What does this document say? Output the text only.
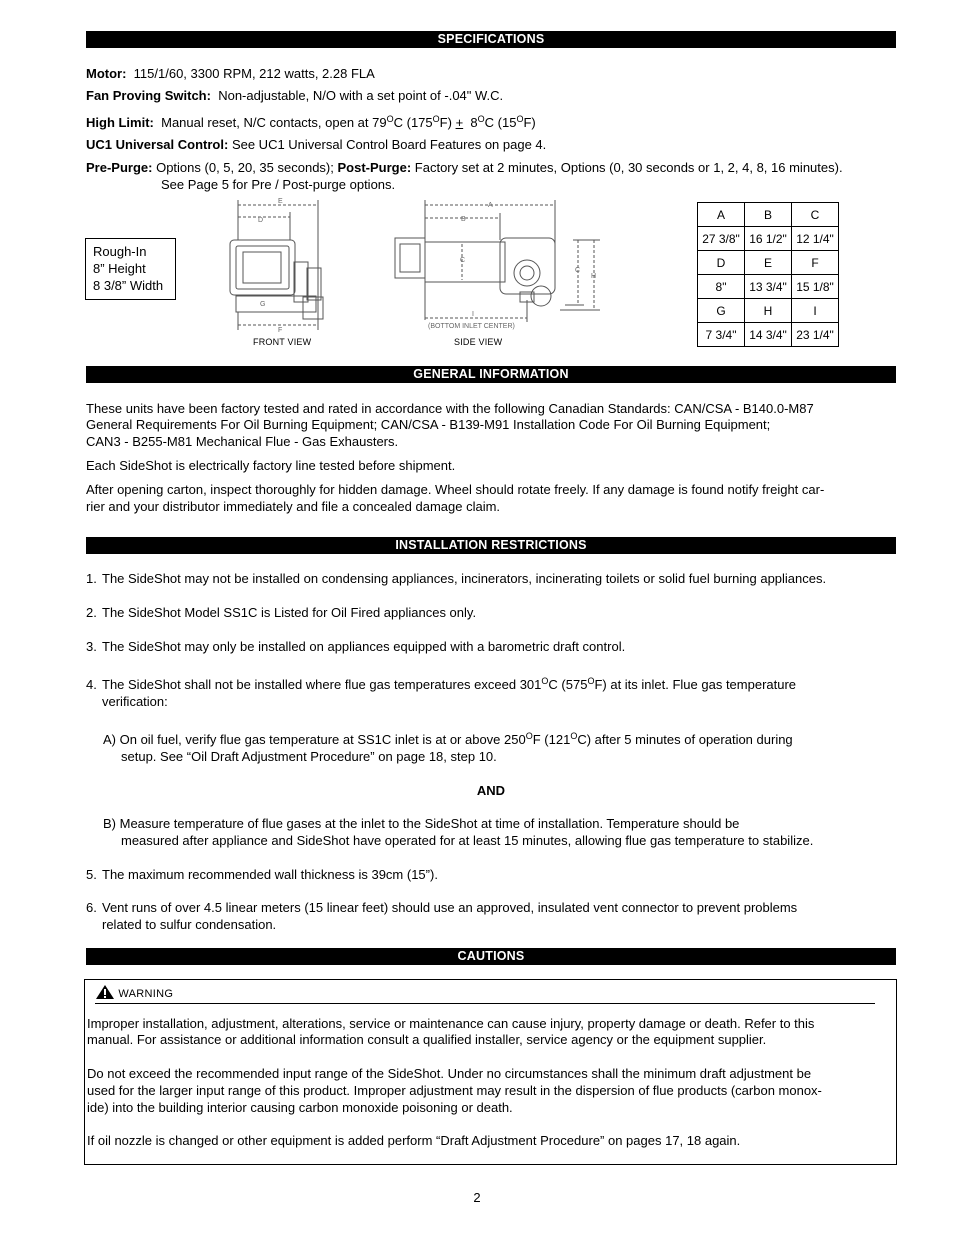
SPECIFICATIONS
Motor: 115/1/60, 3300 RPM, 212 watts, 2.28 FLA
Fan Proving Switch: Non-adjustable, N/O with a set point of -.04" W.C.
High Limit: Manual reset, N/C contacts, open at $79^OC$ $(175^OF) + 8^OC$ $(15^OF)$
UC1 Universal Control: See UC1 Universal Control Board Features on page 4.
Pre-Purge: Options (0, 5, 20, 35 seconds); Post-Purge: Factory set at 2 minutes, Options (0, 30 seconds or 1, 2, 4, 8, 16 minutes).
See Page 5 for Pre / Post-purge options.
Rough-In
8” Height
8 3/8” Width
E
D
G
F
A
B
C
C
H
I
(BOTTOM INLET CENTER)
FRONT VIEW	SIDE VIEW
A	B	C
27 3/8"	16 1/2"	12 1/4"
D	E	F
8"	13 3/4"	15 1/8"
G	H	I
7 3/4"	14 3/4"	23 1/4"
GENERAL INFORMATION
These units have been factory tested and rated in accordance with the following Canadian Standards: CAN/CSA - B140.0-M87
General Requirements For Oil Burning Equipment; CAN/CSA - B139-M91 Installation Code For Oil Burning Equipment;
CAN3 - B255-M81 Mechanical Flue - Gas Exhausters.
Each SideShot is electrically factory line tested before shipment.
After opening carton, inspect thoroughly for hidden damage. Wheel should rotate freely. If any damage is found notify freight car-
rier and your distributor immediately and file a concealed damage claim.
INSTALLATION RESTRICTIONS
1. The SideShot may not be installed on condensing appliances, incinerators, incinerating toilets or solid fuel burning appliances.
2. The SideShot Model SS1C is Listed for Oil Fired appliances only.
3. The SideShot may only be installed on appliances equipped with a barometric draft control.
4. The SideShot shall not be installed where flue gas temperatures exceed $301^OC$ $(575^OF)$ at its inlet. Flue gas temperature
verification:
A) On oil fuel, verify flue gas temperature at SS1C inlet is at or above $250^OF$ $(121^OC)$ after 5 minutes of operation during
setup. See “Oil Draft Adjustment Procedure” on page 18, step 10.
AND
B) Measure temperature of flue gases at the inlet to the SideShot at time of installation. Temperature should be
measured after appliance and SideShot have operated for at least 15 minutes, allowing flue gas temperature to stabilize.
5. The maximum recommended wall thickness is 39cm (15”).
6. Vent runs of over 4.5 linear meters (15 linear feet) should use an approved, insulated vent connector to prevent problems
related to sulfur condensation.
CAUTIONS
WARNING
Improper installation, adjustment, alterations, service or maintenance can cause injury, property damage or death. Refer to this
manual. For assistance or additional information consult a qualified installer, service agency or the equipment supplier.
Do not exceed the recommended input range of the SideShot. Under no circumstances shall the minimum draft adjustment be
used for the larger input range of this product. Improper adjustment may result in the dispersion of flue products (carbon monox-
ide) into the building interior causing carbon monoxide poisoning or death.
If oil nozzle is changed or other equipment is added perform “Draft Adjustment Procedure” on pages 17, 18 again.
2
